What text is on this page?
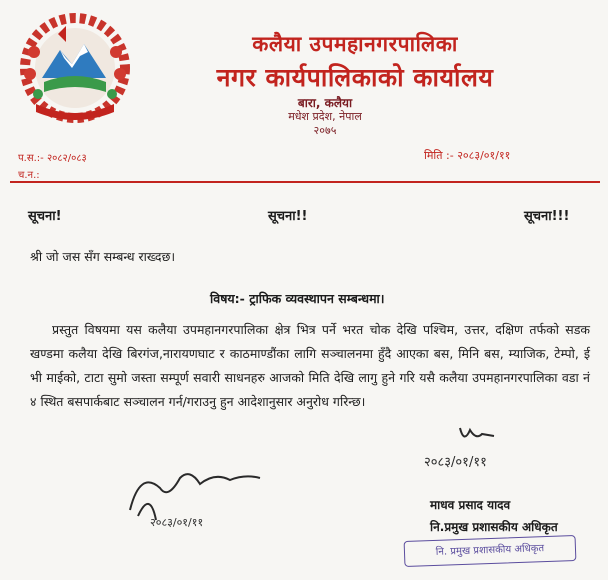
कलैया उपमहानगरपालिका
नगर कार्यपालिकाको कार्यालय
बारा, कलैया
मधेश प्रदेश, नेपाल
२०७५
प.स.:- २०८२/०८३
च.न.:
मिति :- २०८३/०१/११
सूचना!	सूचना!!	सूचना!!!
श्री जो जस सँग सम्बन्ध राख्दछ।
विषय:- ट्राफिक व्यवस्थापन सम्बन्धमा।
प्रस्तुत विषयमा यस कलैया उपमहानगरपालिका क्षेत्र भित्र पर्ने भरत चोक देखि पश्चिम, उत्तर, दक्षिण तर्फको सडक खण्डमा कलैया देखि बिरगंज,नारायणघाट र काठमाण्डौंका लागि सञ्चालनमा हुँदै आएका बस, मिनि बस, म्याजिक, टेम्पो, ई भी माईको, टाटा सुमो जस्ता सम्पूर्ण सवारी साधनहरु आजको मिति देखि लागु हुने गरि यसै कलैया उपमहानगरपालिका वडा नं ४ स्थित बसपार्कबाट सञ्चालन गर्न/गराउनु हुन आदेशानुसार अनुरोध गरिन्छ।
२०८३/०१/११
२०८३/०१/११
माधव प्रसाद यादव
नि.प्रमुख प्रशासकीय अधिकृत
नि. प्रमुख प्रशासकीय अधिकृत
